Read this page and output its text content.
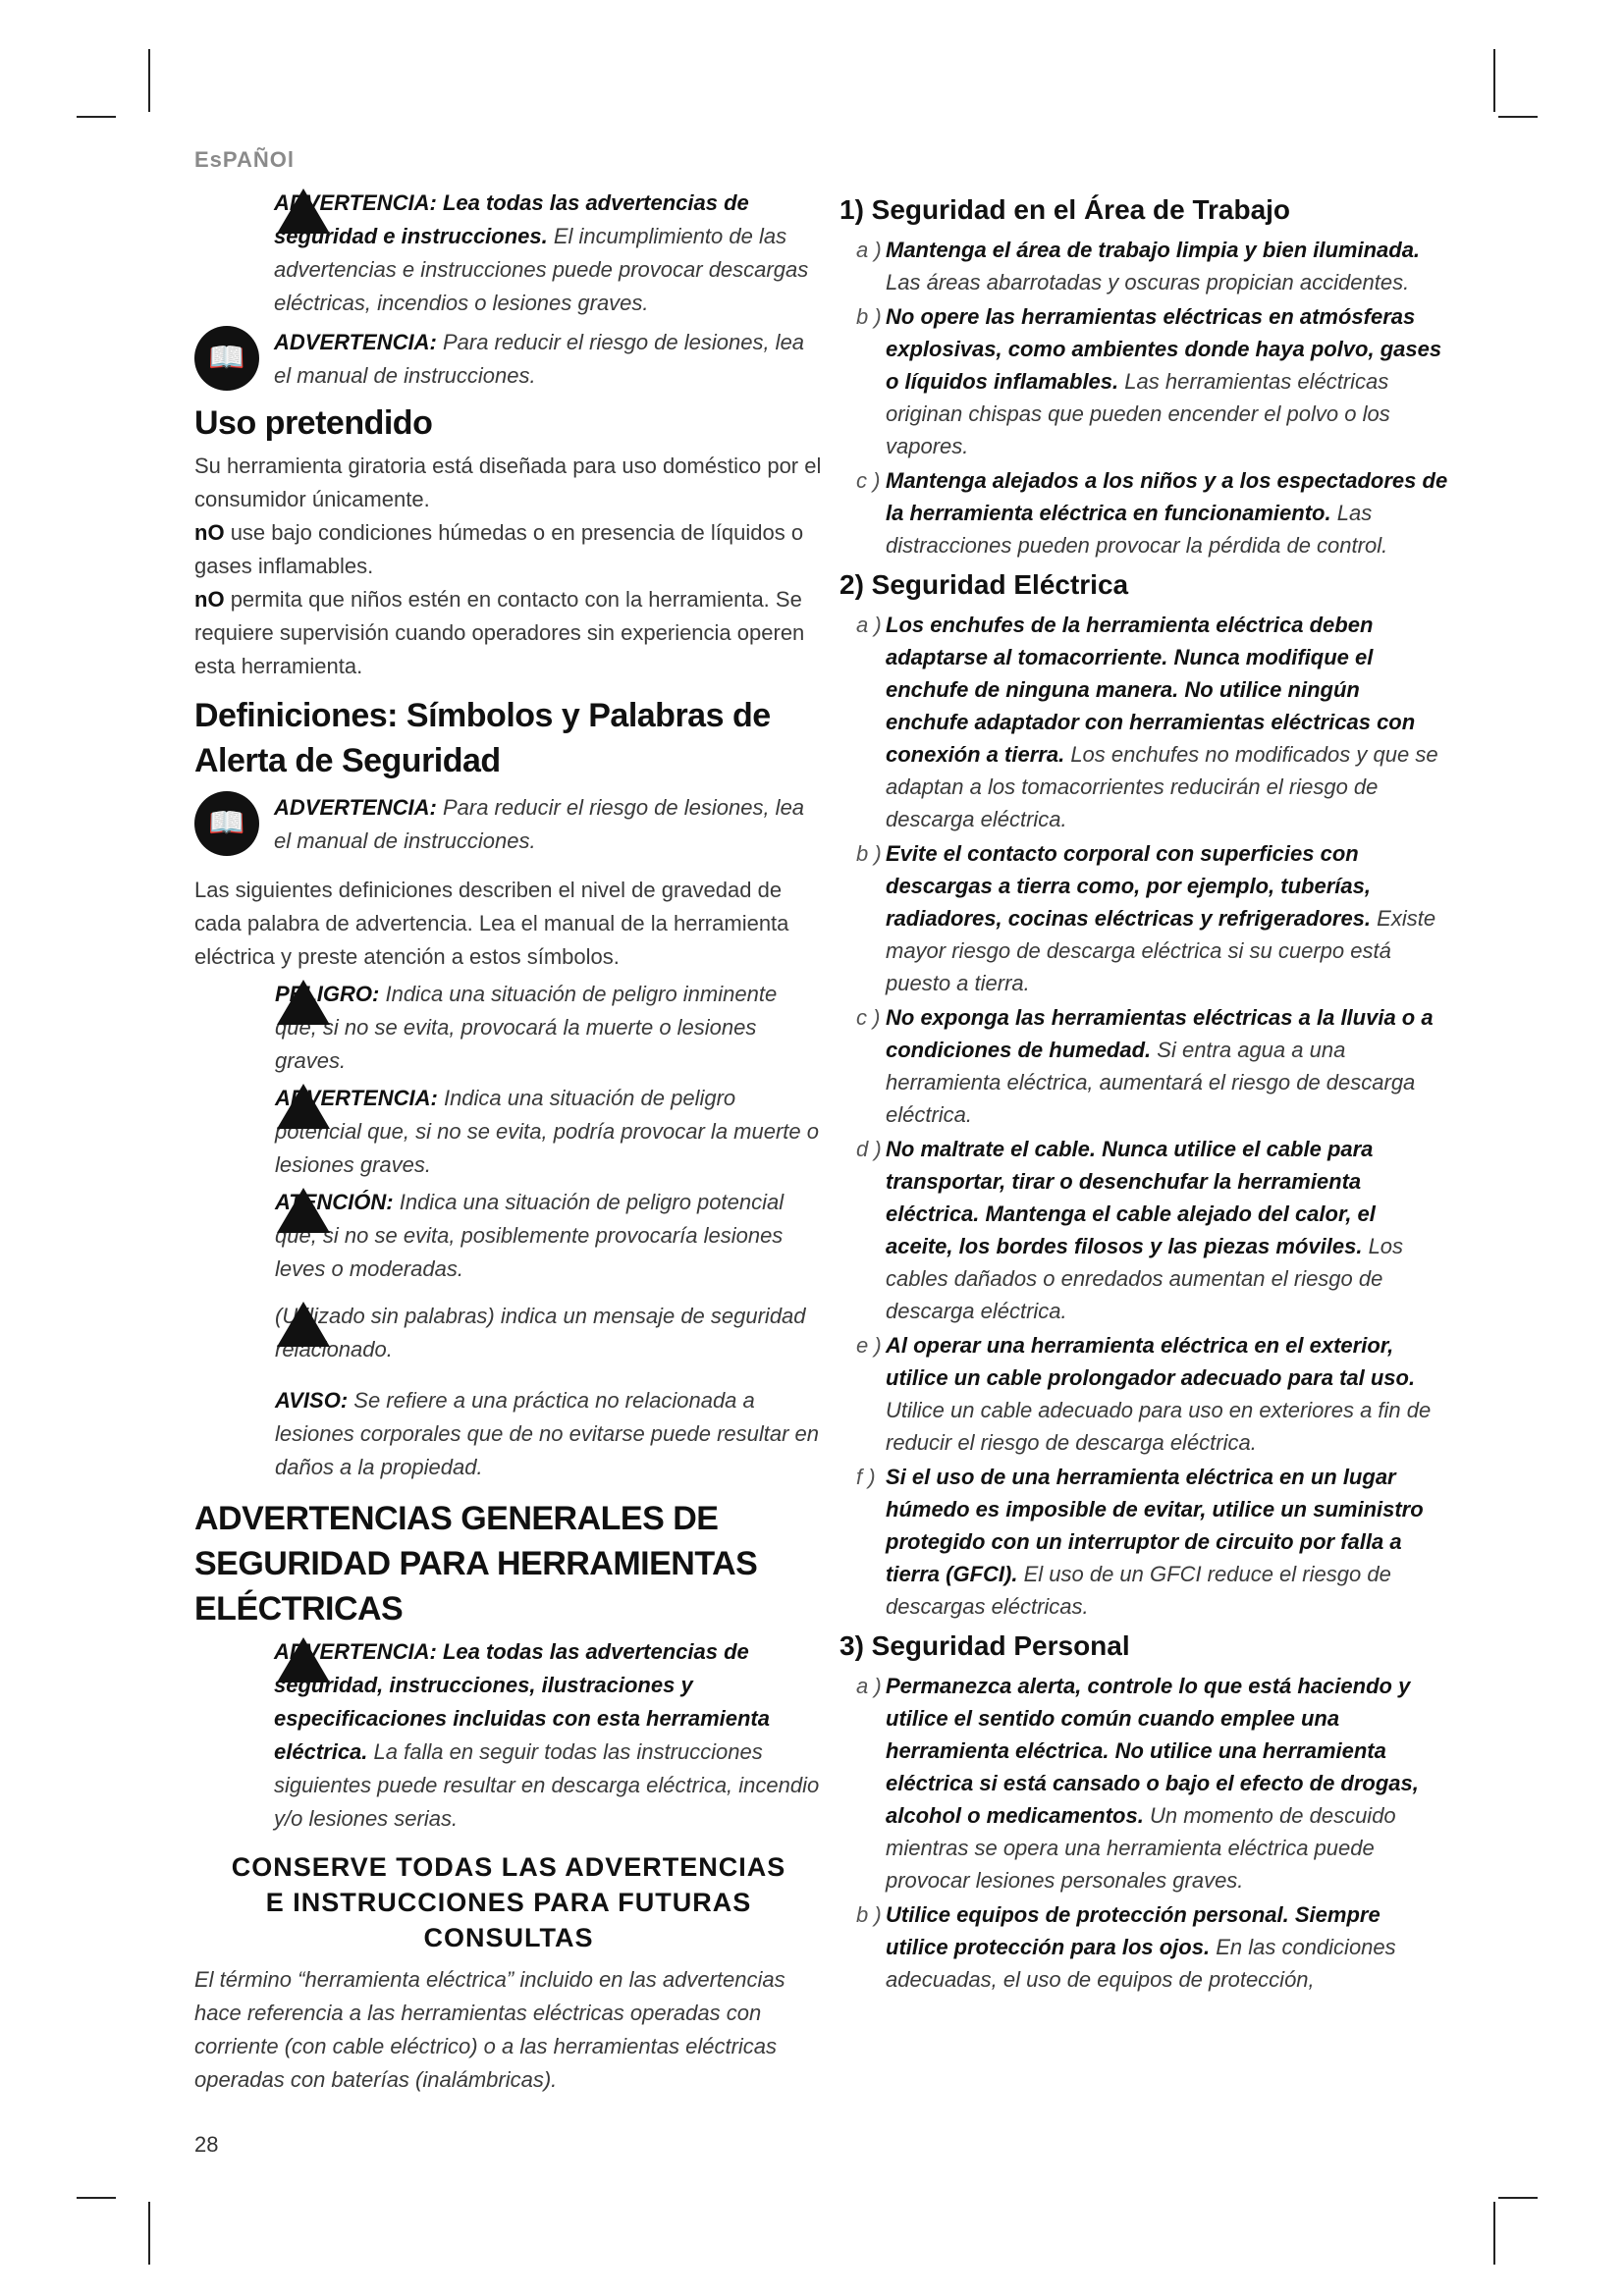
EsPAÑOl

ADVERTENCIA: Lea todas las advertencias de seguridad e instrucciones. El incumplimiento de las advertencias e instrucciones puede provocar descargas eléctricas, incendios o lesiones graves.

📖	ADVERTENCIA: Para reducir el riesgo de lesiones, lea el manual de instrucciones.

Uso pretendido

Su herramienta giratoria está diseñada para uso doméstico por el consumidor únicamente.

nO use bajo condiciones húmedas o en presencia de líquidos o gases inflamables.

nO permita que niños estén en contacto con la herramienta. Se requiere supervisión cuando operadores sin experiencia operen esta herramienta.

Definiciones: Símbolos y Palabras de Alerta de Seguridad
📖	ADVERTENCIA: Para reducir el riesgo de lesiones, lea el manual de instrucciones.

Las siguientes definiciones describen el nivel de gravedad de cada palabra de advertencia. Lea el manual de la herramienta eléctrica y preste atención a estos símbolos.

PELIGRO: Indica una situación de peligro inminente que, si no se evita, provocará la muerte o lesiones graves.

ADVERTENCIA: Indica una situación de peligro potencial que, si no se evita, podría provocar la muerte o lesiones graves.

ATENCIÓN: Indica una situación de peligro potencial que, si no se evita, posiblemente provocaría lesiones leves o moderadas.

(Utilizado sin palabras) indica un mensaje de seguridad relacionado.

AVISO: Se refiere a una práctica no relacionada a lesiones corporales que de no evitarse puede resultar en daños a la propiedad.

ADVERTENCIAS GENERALES DE SEGURIDAD PARA HERRAMIENTAS ELÉCTRICAS

ADVERTENCIA: Lea todas las advertencias de seguridad, instrucciones, ilustraciones y especificaciones incluidas con esta herramienta eléctrica. La falla en seguir todas las instrucciones siguientes puede resultar en descarga eléctrica, incendio y/o lesiones serias.

CONSERVE TODAS LAS ADVERTENCIAS E INSTRUCCIONES PARA FUTURAS CONSULTAS

El término “herramienta eléctrica” incluido en las advertencias hace referencia a las herramientas eléctricas operadas con corriente (con cable eléctrico) o a las herramientas eléctricas operadas con baterías (inalámbricas).

1) Seguridad en el Área de Trabajo

a ) Mantenga el área de trabajo limpia y bien iluminada. Las áreas abarrotadas y oscuras propician accidentes.

b ) No opere las herramientas eléctricas en atmósferas explosivas, como ambientes donde haya polvo, gases o líquidos inflamables. Las herramientas eléctricas originan chispas que pueden encender el polvo o los vapores.

c ) Mantenga alejados a los niños y a los espectadores de la herramienta eléctrica en funcionamiento. Las distracciones pueden provocar la pérdida de control.

2) Seguridad Eléctrica

a ) Los enchufes de la herramienta eléctrica deben adaptarse al tomacorriente. Nunca modifique el enchufe de ninguna manera. No utilice ningún enchufe adaptador con herramientas eléctricas con conexión a tierra. Los enchufes no modificados y que se adaptan a los tomacorrientes reducirán el riesgo de descarga eléctrica.

b ) Evite el contacto corporal con superficies con descargas a tierra como, por ejemplo, tuberías, radiadores, cocinas eléctricas y refrigeradores. Existe mayor riesgo de descarga eléctrica si su cuerpo está puesto a tierra.

c ) No exponga las herramientas eléctricas a la lluvia o a condiciones de humedad. Si entra agua a una herramienta eléctrica, aumentará el riesgo de descarga eléctrica.

d ) No maltrate el cable. Nunca utilice el cable para transportar, tirar o desenchufar la herramienta eléctrica. Mantenga el cable alejado del calor, el aceite, los bordes filosos y las piezas móviles. Los cables dañados o enredados aumentan el riesgo de descarga eléctrica.

e ) Al operar una herramienta eléctrica en el exterior, utilice un cable prolongador adecuado para tal uso. Utilice un cable adecuado para uso en exteriores a fin de reducir el riesgo de descarga eléctrica.

f ) Si el uso de una herramienta eléctrica en un lugar húmedo es imposible de evitar, utilice un suministro protegido con un interruptor de circuito por falla a tierra (GFCI). El uso de un GFCI reduce el riesgo de descargas eléctricas.

3) Seguridad Personal

a ) Permanezca alerta, controle lo que está haciendo y utilice el sentido común cuando emplee una herramienta eléctrica. No utilice una herramienta eléctrica si está cansado o bajo el efecto de drogas, alcohol o medicamentos. Un momento de descuido mientras se opera una herramienta eléctrica puede provocar lesiones personales graves.

b ) Utilice equipos de protección personal. Siempre utilice protección para los ojos. En las condiciones adecuadas, el uso de equipos de protección,

28
